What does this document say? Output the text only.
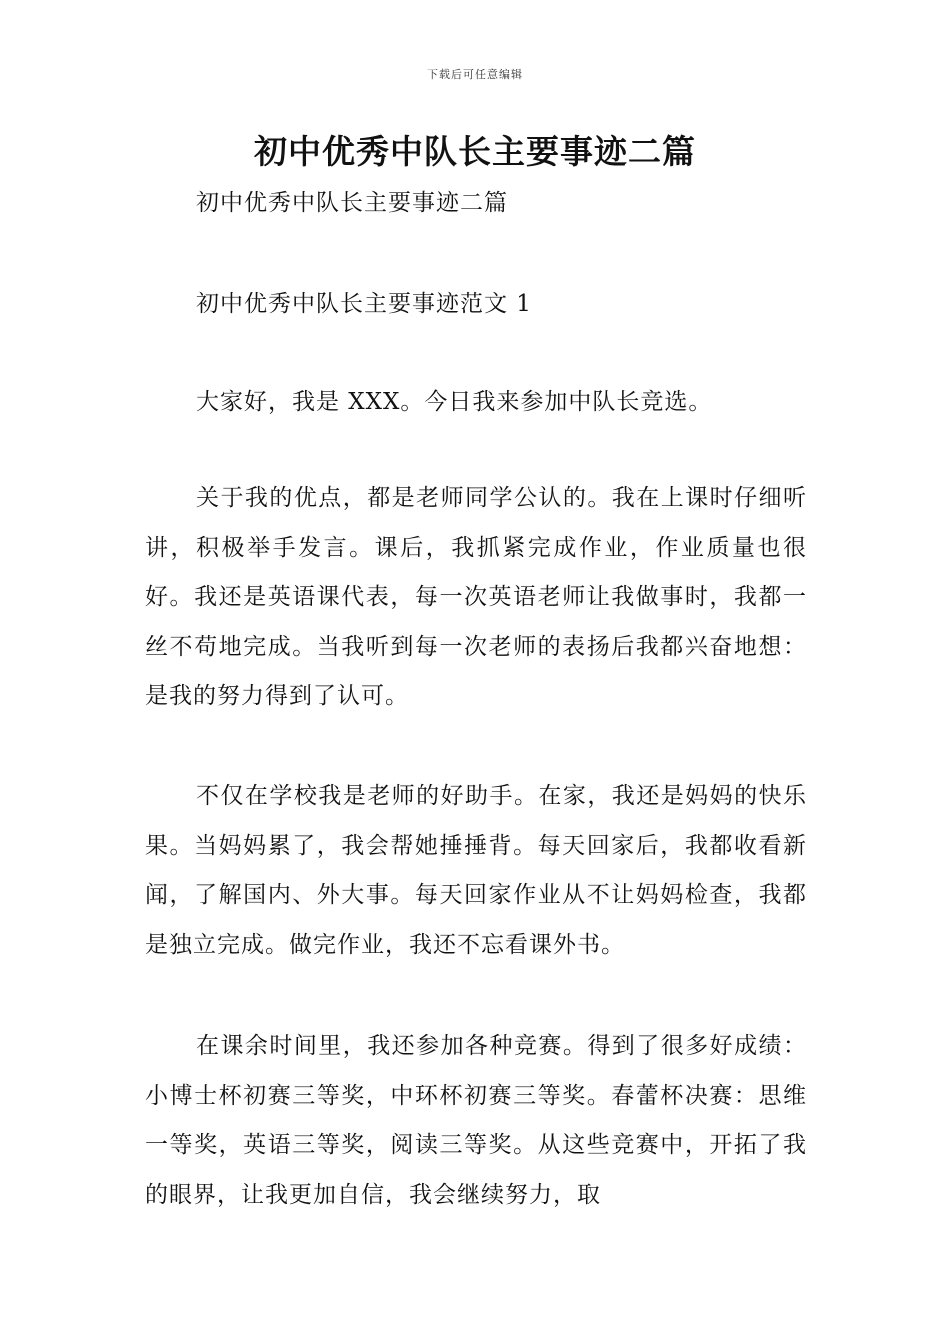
下载后可任意编辑
初中优秀中队长主要事迹二篇
初中优秀中队长主要事迹二篇
初中优秀中队长主要事迹范文 1
大家好，我是 XXX。今日我来参加中队长竞选。

关于我的优点，都是老师同学公认的。我在上课时仔细听讲，积极举手发言。课后，我抓紧完成作业，作业质量也很好。我还是英语课代表，每一次英语老师让我做事时，我都一丝不苟地完成。当我听到每一次老师的表扬后我都兴奋地想：是我的努力得到了认可。

不仅在学校我是老师的好助手。在家，我还是妈妈的快乐果。当妈妈累了，我会帮她捶捶背。每天回家后，我都收看新闻，了解国内、外大事。每天回家作业从不让妈妈检查，我都是独立完成。做完作业，我还不忘看课外书。

在课余时间里，我还参加各种竞赛。得到了很多好成绩：小博士杯初赛三等奖，中环杯初赛三等奖。春蕾杯决赛：思维一等奖，英语三等奖，阅读三等奖。从这些竞赛中，开拓了我的眼界，让我更加自信，我会继续努力，取
